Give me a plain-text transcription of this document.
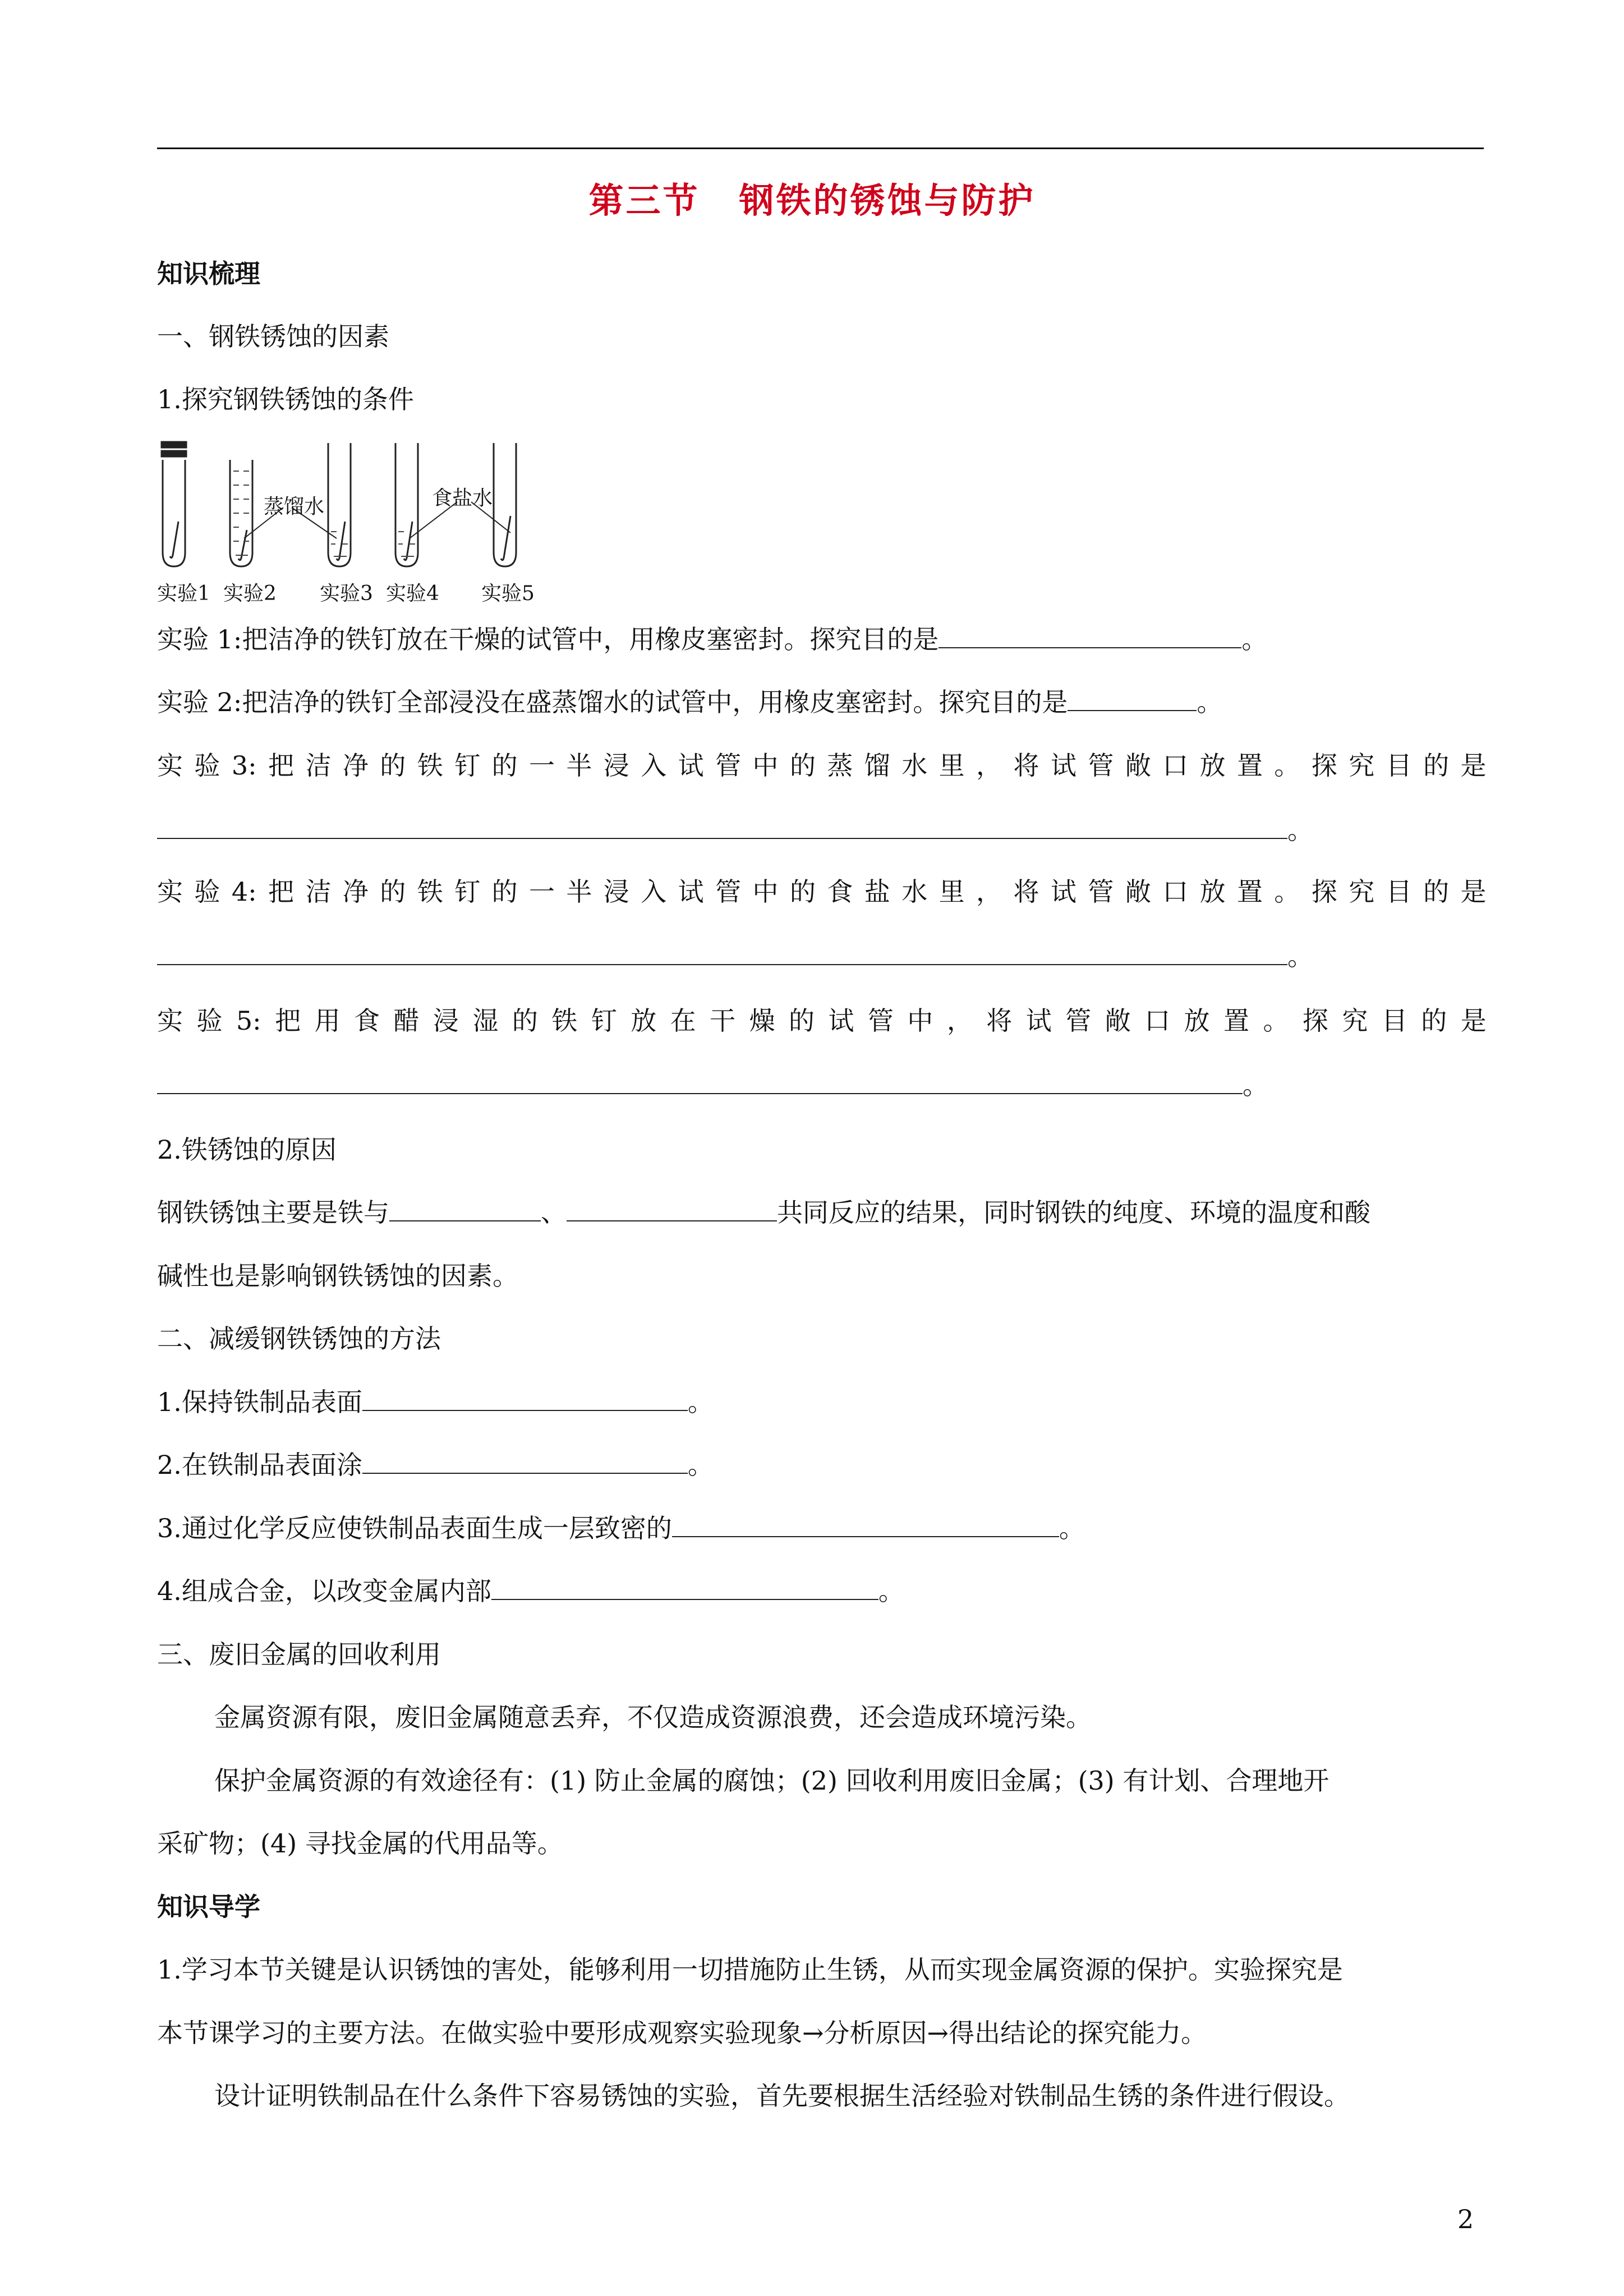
第三节 钢铁的锈蚀与防护
知识梳理
一、钢铁锈蚀的因素
1.探究钢铁锈蚀的条件
蒸馏水	食盐水
实验1 实验2 实验3 实验4 实验5
实验 1:把洁净的铁钉放在干燥的试管中，用橡皮塞密封。探究目的是	。
实验 2:把洁净的铁钉全部浸没在盛蒸馏水的试管中，用橡皮塞密封。探究目的是	。
实 验 3: 把 洁 净 的 铁 钉 的 一 半 浸 入 试 管 中 的 蒸 馏 水 里 ， 将 试 管 敞 口 放 置 。 探 究 目 的 是
。
实 验 4: 把 洁 净 的 铁 钉 的 一 半 浸 入 试 管 中 的 食 盐 水 里 ， 将 试 管 敞 口 放 置 。 探 究 目 的 是
。
实 验 5: 把 用 食 醋 浸 湿 的 铁 钉 放 在 干 燥 的 试 管 中 ， 将 试 管 敞 口 放 置 。 探 究 目 的 是
。
2.铁锈蚀的原因
钢铁锈蚀主要是铁与	、	共同反应的结果，同时钢铁的纯度、环境的温度和酸
碱性也是影响钢铁锈蚀的因素。
二、减缓钢铁锈蚀的方法
1.保持铁制品表面	。
2.在铁制品表面涂	。
3.通过化学反应使铁制品表面生成一层致密的	。
4.组成合金，以改变金属内部	。
三、废旧金属的回收利用
金属资源有限，废旧金属随意丢弃，不仅造成资源浪费，还会造成环境污染。
保护金属资源的有效途径有：(1) 防止金属的腐蚀；(2) 回收利用废旧金属；(3) 有计划、合理地开
采矿物；(4) 寻找金属的代用品等。
知识导学
1.学习本节关键是认识锈蚀的害处，能够利用一切措施防止生锈，从而实现金属资源的保护。实验探究是
本节课学习的主要方法。在做实验中要形成观察实验现象→分析原因→得出结论的探究能力。
设计证明铁制品在什么条件下容易锈蚀的实验，首先要根据生活经验对铁制品生锈的条件进行假设。
2
